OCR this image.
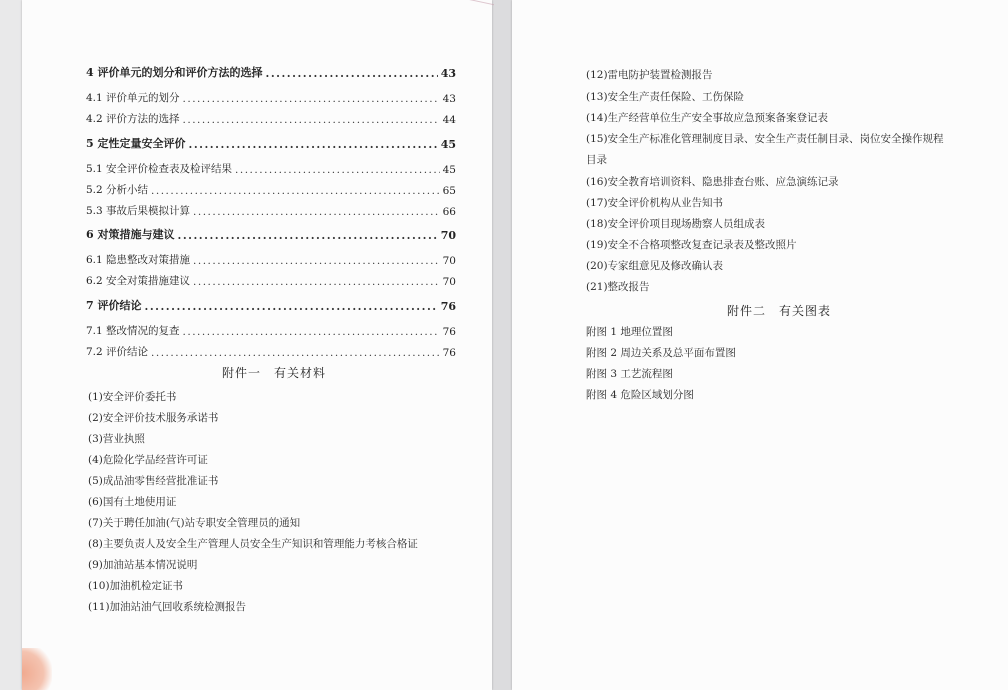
4 评价单元的划分和评价方法的选择 .....	43
4.1 评价单元的划分 .....	43
4.2 评价方法的选择 .....	44
5 定性定量安全评价 .....	45
5.1 安全评价检查表及检评结果 .....	45
5.2 分析小结 .....	65
5.3 事故后果模拟计算 .....	66
6 对策措施与建议 .....	70
6.1 隐患整改对策措施 .....	70
6.2 安全对策措施建议 .....	70
7 评价结论 .....	76
7.1 整改情况的复查 .....	76
7.2 评价结论 .....	76
附件一　有关材料
(1)安全评价委托书
(2)安全评价技术服务承诺书
(3)营业执照
(4)危险化学品经营许可证
(5)成品油零售经营批准证书
(6)国有土地使用证
(7)关于聘任加油(气)站专职安全管理员的通知
(8)主要负责人及安全生产管理人员安全生产知识和管理能力考核合格证
(9)加油站基本情况说明
(10)加油机检定证书
(11)加油站油气回收系统检测报告
(12)雷电防护装置检测报告
(13)安全生产责任保险、工伤保险
(14)生产经营单位生产安全事故应急预案备案登记表
(15)安全生产标准化管理制度目录、安全生产责任制目录、岗位安全操作规程
目录
(16)安全教育培训资料、隐患排查台账、应急演练记录
(17)安全评价机构从业告知书
(18)安全评价项目现场勘察人员组成表
(19)安全不合格项整改复查记录表及整改照片
(20)专家组意见及修改确认表
(21)整改报告
附件二　有关图表
附图 1 地理位置图
附图 2 周边关系及总平面布置图
附图 3 工艺流程图
附图 4 危险区域划分图
